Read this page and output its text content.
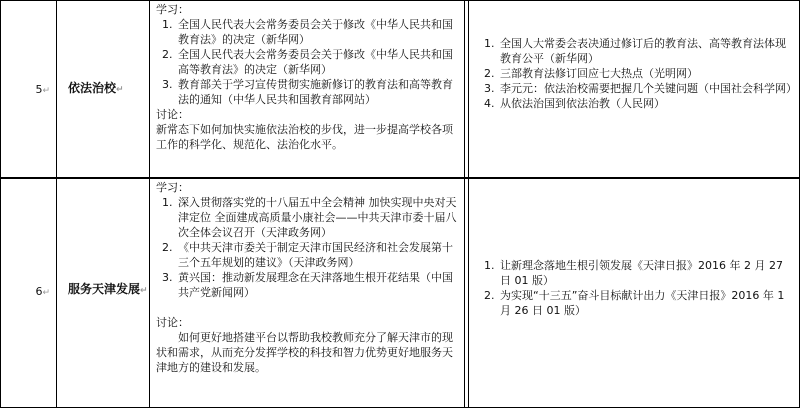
5↵ 依法治校↵
学习：
1. 全国人民代表大会常务委员会关于修改《中华人民共和国教育法》的决定（新华网）
2. 全国人民代表大会常务委员会关于修改《中华人民共和国高等教育法》的决定（新华网）
3. 教育部关于学习宣传贯彻实施新修订的教育法和高等教育法的通知（中华人民共和国教育部网站）
讨论：
新常态下如何加快实施依法治校的步伐，进一步提高学校各项工作的科学化、规范化、法治化水平。
1. 全国人大常委会表决通过修订后的教育法、高等教育法体现教育公平（新华网）
2. 三部教育法修订回应七大热点（光明网）
3. 李元元：依法治校需要把握几个关键问题（中国社会科学网）
4. 从依法治国到依法治教（人民网）
6↵ 服务天津发展↵
学习：
1. 深入贯彻落实党的十八届五中全会精神 加快实现中央对天津定位 全面建成高质量小康社会——中共天津市委十届八次全体会议召开（天津政务网）
2. 《中共天津市委关于制定天津市国民经济和社会发展第十三个五年规划的建议》（天津政务网）
3. 黄兴国：推动新发展理念在天津落地生根开花结果（中国共产党新闻网）
讨论：
如何更好地搭建平台以帮助我校教师充分了解天津市的现状和需求，从而充分发挥学校的科技和智力优势更好地服务天津地方的建设和发展。
1. 让新理念落地生根引领发展《天津日报》2016 年 2 月 27 日 01 版）
2. 为实现“十三五”奋斗目标献计出力《天津日报》2016 年 1 月 26 日 01 版）
